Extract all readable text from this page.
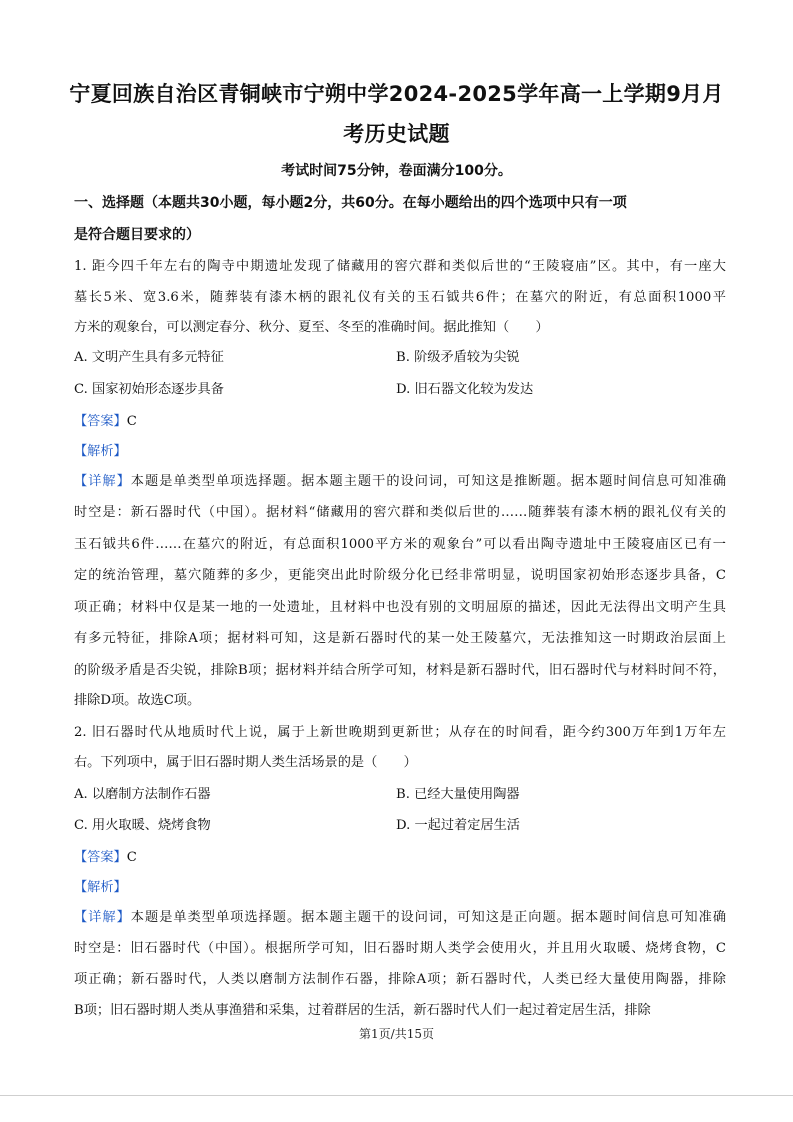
宁夏回族自治区青铜峡市宁朔中学2024-2025学年高一上学期9月月
考历史试题
考试时间75分钟，卷面满分100分。
一、选择题（本题共30小题，每小题2分，共60分。在每小题给出的四个选项中只有一项
是符合题目要求的）
1. 距今四千年左右的陶寺中期遗址发现了储藏用的窖穴群和类似后世的“王陵寝庙”区。其中，有一座大
墓长5米、宽3.6米，随葬装有漆木柄的跟礼仪有关的玉石钺共6件；在墓穴的附近，有总面积1000平
方米的观象台，可以测定春分、秋分、夏至、冬至的准确时间。据此推知（　　）
A. 文明产生具有多元特征	B. 阶级矛盾较为尖锐
C. 国家初始形态逐步具备	D. 旧石器文化较为发达
【答案】C
【解析】
【详解】本题是单类型单项选择题。据本题主题干的设问词，可知这是推断题。据本题时间信息可知准确
时空是：新石器时代（中国）。据材料“储藏用的窖穴群和类似后世的……随葬装有漆木柄的跟礼仪有关的
玉石钺共6件……在墓穴的附近，有总面积1000平方米的观象台”可以看出陶寺遗址中王陵寝庙区已有一
定的统治管理，墓穴随葬的多少，更能突出此时阶级分化已经非常明显，说明国家初始形态逐步具备，C
项正确；材料中仅是某一地的一处遗址，且材料中也没有别的文明屈原的描述，因此无法得出文明产生具
有多元特征，排除A项；据材料可知，这是新石器时代的某一处王陵墓穴，无法推知这一时期政治层面上
的阶级矛盾是否尖锐，排除B项；据材料并结合所学可知，材料是新石器时代，旧石器时代与材料时间不符，
排除D项。故选C项。
2. 旧石器时代从地质时代上说，属于上新世晚期到更新世；从存在的时间看，距今约300万年到1万年左
右。下列项中，属于旧石器时期人类生活场景的是（　　）
A. 以磨制方法制作石器	B. 已经大量使用陶器
C. 用火取暖、烧烤食物	D. 一起过着定居生活
【答案】C
【解析】
【详解】本题是单类型单项选择题。据本题主题干的设问词，可知这是正向题。据本题时间信息可知准确
时空是：旧石器时代（中国）。根据所学可知，旧石器时期人类学会使用火，并且用火取暖、烧烤食物，C
项正确；新石器时代，人类以磨制方法制作石器，排除A项；新石器时代，人类已经大量使用陶器，排除
B项；旧石器时期人类从事渔猎和采集，过着群居的生活，新石器时代人们一起过着定居生活，排除
第1页/共15页
